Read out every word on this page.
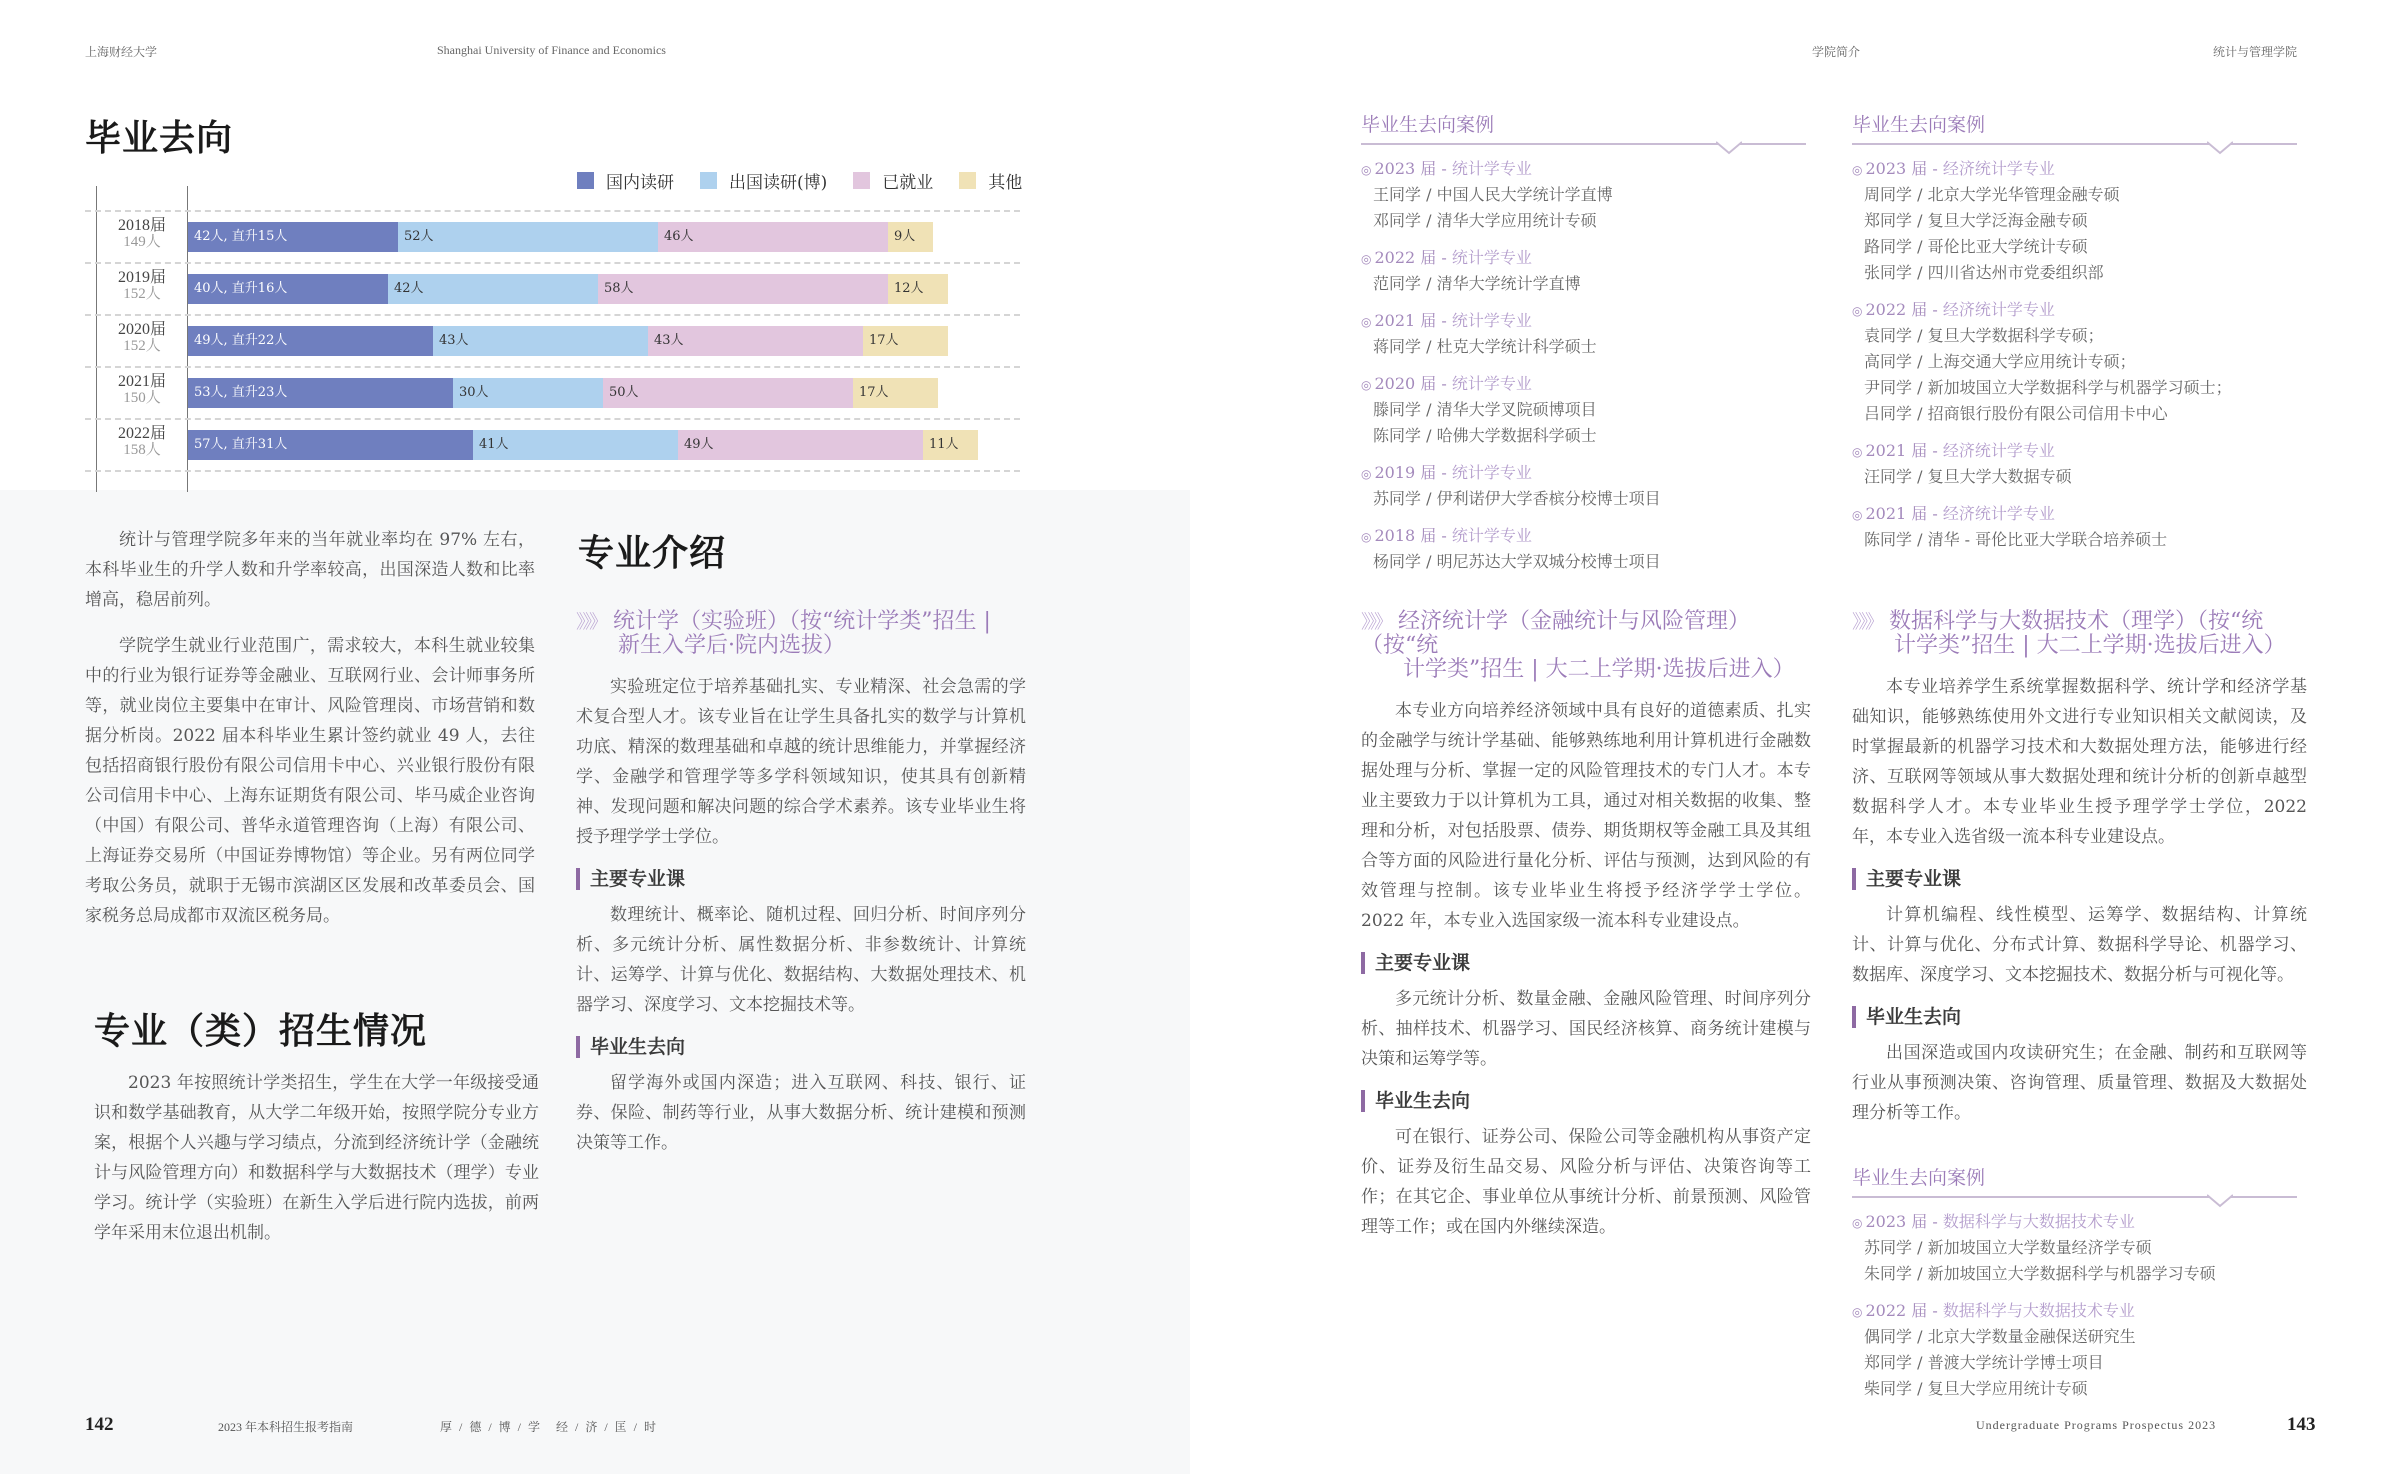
上海财经大学	Shanghai University of Finance and Economics	学院简介	统计与管理学院
毕业去向
国内读研	出国读研(博)	已就业	其他
2018届
149人	42人, 直升15人	52人	46人	9人
2019届
152人	40人, 直升16人	42人	58人	12人
2020届
152人	49人, 直升22人	43人	43人	17人
2021届
150人	53人, 直升23人	30人	50人	17人
2022届
158人	57人, 直升31人	41人	49人	11人

统计与管理学院多年来的当年就业率均在 97% 左右，本科毕业生的升学人数和升学率较高，出国深造人数和比率增高，稳居前列。

学院学生就业行业范围广，需求较大，本科生就业较集中的行业为银行证券等金融业、互联网行业、会计师事务所等，就业岗位主要集中在审计、风险管理岗、市场营销和数据分析岗。2022 届本科毕业生累计签约就业 49 人，去往包括招商银行股份有限公司信用卡中心、兴业银行股份有限公司信用卡中心、上海东证期货有限公司、毕马威企业咨询（中国）有限公司、普华永道管理咨询（上海）有限公司、上海证券交易所（中国证券博物馆）等企业。另有两位同学考取公务员，就职于无锡市滨湖区区发展和改革委员会、国家税务总局成都市双流区税务局。

专业（类）招生情况

2023 年按照统计学类招生，学生在大学一年级接受通识和数学基础教育，从大学二年级开始，按照学院分专业方案，根据个人兴趣与学习绩点，分流到经济统计学（金融统计与风险管理方向）和数据科学与大数据技术（理学）专业学习。统计学（实验班）在新生入学后进行院内选拔，前两学年采用末位退出机制。

专业介绍
》》》 统计学（实验班）（按“统计学类”招生 |
新生入学后·院内选拔）

实验班定位于培养基础扎实、专业精深、社会急需的学术复合型人才。该专业旨在让学生具备扎实的数学与计算机功底、精深的数理基础和卓越的统计思维能力，并掌握经济学、金融学和管理学等多学科领域知识，使其具有创新精神、发现问题和解决问题的综合学术素养。该专业毕业生将授予理学学士学位。

主要专业课

数理统计、概率论、随机过程、回归分析、时间序列分析、多元统计分析、属性数据分析、非参数统计、计算统计、运筹学、计算与优化、数据结构、大数据处理技术、机器学习、深度学习、文本挖掘技术等。

毕业生去向

留学海外或国内深造；进入互联网、科技、银行、证券、保险、制药等行业，从事大数据分析、统计建模和预测决策等工作。

142	2023 年本科招生报考指南	厚 / 德 / 博 / 学　经 / 济 / 匡 / 时
毕业生去向案例
◎ 2023 届 - 统计学专业
王同学 / 中国人民大学统计学直博
邓同学 / 清华大学应用统计专硕
◎ 2022 届 - 统计学专业
范同学 / 清华大学统计学直博
◎ 2021 届 - 统计学专业
蒋同学 / 杜克大学统计科学硕士
◎ 2020 届 - 统计学专业
滕同学 / 清华大学叉院硕博项目
陈同学 / 哈佛大学数据科学硕士
◎ 2019 届 - 统计学专业
苏同学 / 伊利诺伊大学香槟分校博士项目
◎ 2018 届 - 统计学专业
杨同学 / 明尼苏达大学双城分校博士项目
毕业生去向案例
◎ 2023 届 - 经济统计学专业
周同学 / 北京大学光华管理金融专硕
郑同学 / 复旦大学泛海金融专硕
路同学 / 哥伦比亚大学统计专硕
张同学 / 四川省达州市党委组织部
◎ 2022 届 - 经济统计学专业
袁同学 / 复旦大学数据科学专硕；
高同学 / 上海交通大学应用统计专硕；
尹同学 / 新加坡国立大学数据科学与机器学习硕士；
吕同学 / 招商银行股份有限公司信用卡中心
◎ 2021 届 - 经济统计学专业
汪同学 / 复旦大学大数据专硕
◎ 2021 届 - 经济统计学专业
陈同学 / 清华 - 哥伦比亚大学联合培养硕士
》》》 经济统计学（金融统计与风险管理）（按“统
计学类”招生 | 大二上学期·选拔后进入）

本专业方向培养经济领域中具有良好的道德素质、扎实的金融学与统计学基础、能够熟练地利用计算机进行金融数据处理与分析、掌握一定的风险管理技术的专门人才。本专业主要致力于以计算机为工具，通过对相关数据的收集、整理和分析，对包括股票、债券、期货期权等金融工具及其组合等方面的风险进行量化分析、评估与预测，达到风险的有效管理与控制。该专业毕业生将授予经济学学士学位。2022 年，本专业入选国家级一流本科专业建设点。

主要专业课

多元统计分析、数量金融、金融风险管理、时间序列分析、抽样技术、机器学习、国民经济核算、商务统计建模与决策和运筹学等。

毕业生去向

可在银行、证券公司、保险公司等金融机构从事资产定价、证券及衍生品交易、风险分析与评估、决策咨询等工作；在其它企、事业单位从事统计分析、前景预测、风险管理等工作；或在国内外继续深造。

》》》 数据科学与大数据技术（理学）（按“统
计学类”招生 | 大二上学期·选拔后进入）

本专业培养学生系统掌握数据科学、统计学和经济学基础知识，能够熟练使用外文进行专业知识相关文献阅读，及时掌握最新的机器学习技术和大数据处理方法，能够进行经济、互联网等领域从事大数据处理和统计分析的创新卓越型数据科学人才。本专业毕业生授予理学学士学位，2022 年，本专业入选省级一流本科专业建设点。

主要专业课

计算机编程、线性模型、运筹学、数据结构、计算统计、计算与优化、分布式计算、数据科学导论、机器学习、数据库、深度学习、文本挖掘技术、数据分析与可视化等。

毕业生去向

出国深造或国内攻读研究生；在金融、制药和互联网等行业从事预测决策、咨询管理、质量管理、数据及大数据处理分析等工作。

毕业生去向案例
◎ 2023 届 - 数据科学与大数据技术专业
苏同学 / 新加坡国立大学数量经济学专硕
朱同学 / 新加坡国立大学数据科学与机器学习专硕
◎ 2022 届 - 数据科学与大数据技术专业
偶同学 / 北京大学数量金融保送研究生
郑同学 / 普渡大学统计学博士项目
柴同学 / 复旦大学应用统计专硕
Undergraduate Programs Prospectus 2023	143
